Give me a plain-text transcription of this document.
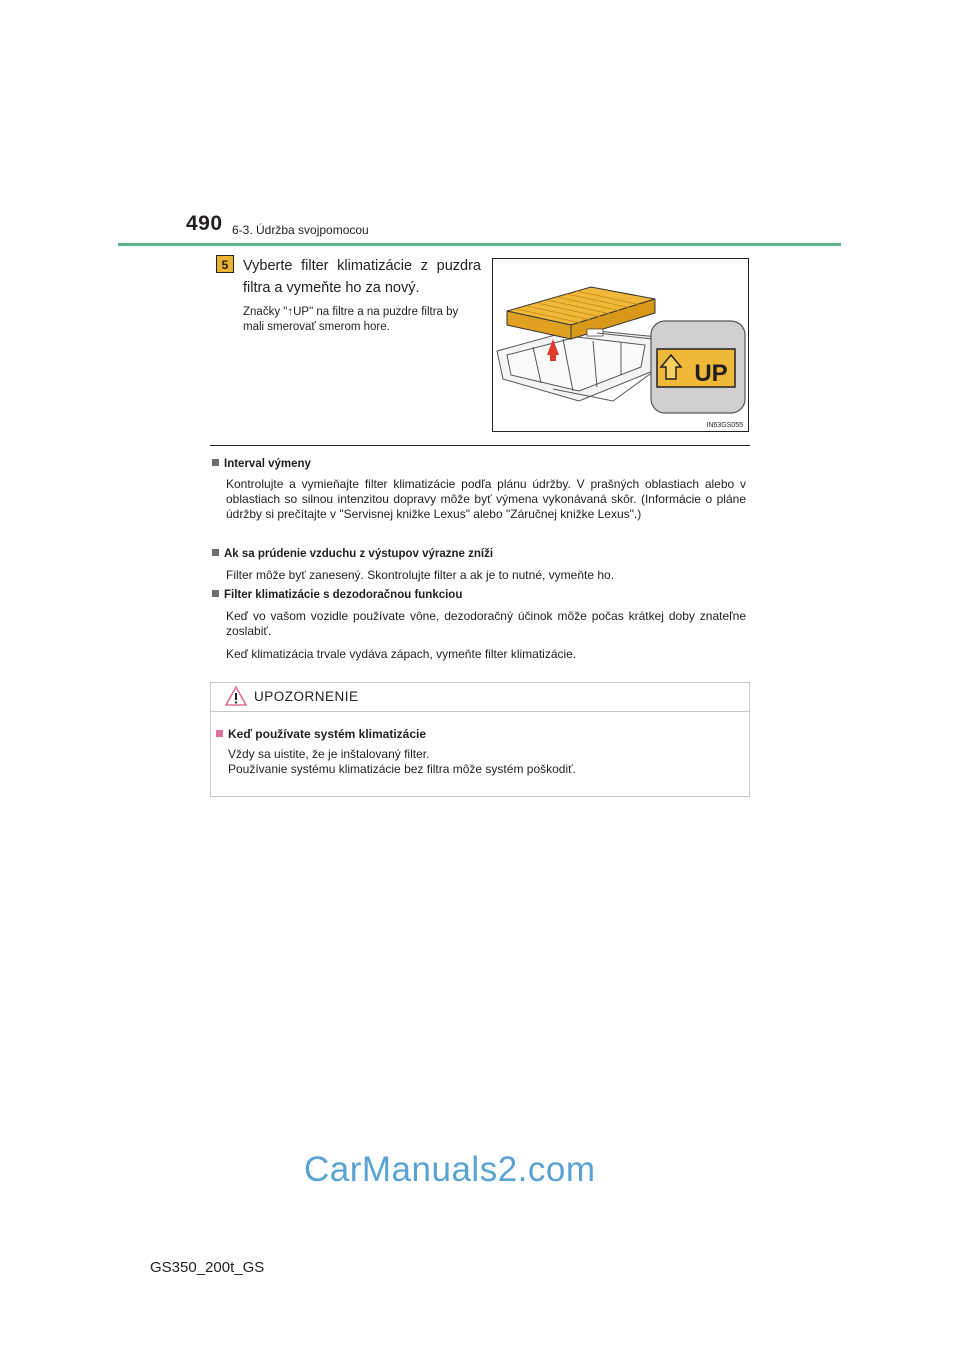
490 6-3. Údržba svojpomocou
5	Vyberte filter klimatizácie z puzdra filtra a vymeňte ho za nový.
Značky "↑UP" na filtre a na puzdre filtra by mali smerovať smerom hore.
UP
IN63GS055
Interval výmeny
Kontrolujte a vymieňajte filter klimatizácie podľa plánu údržby. V prašných oblastiach alebo v oblastiach so silnou intenzitou dopravy môže byť výmena vykonávaná skôr. (Informácie o pláne údržby si prečítajte v "Servisnej knižke Lexus" alebo "Záručnej knižke Lexus".)
Ak sa prúdenie vzduchu z výstupov výrazne zníži
Filter môže byť zanesený. Skontrolujte filter a ak je to nutné, vymeňte ho.
Filter klimatizácie s dezodoračnou funkciou
Keď vo vašom vozidle používate vône, dezodoračný účinok môže počas krátkej doby znateľne zoslabiť.
Keď klimatizácia trvale vydáva zápach, vymeňte filter klimatizácie.
UPOZORNENIE
Keď používate systém klimatizácie
Vždy sa uistite, že je inštalovaný filter.
Používanie systému klimatizácie bez filtra môže systém poškodiť.
CarManuals2.com
GS350_200t_GS
